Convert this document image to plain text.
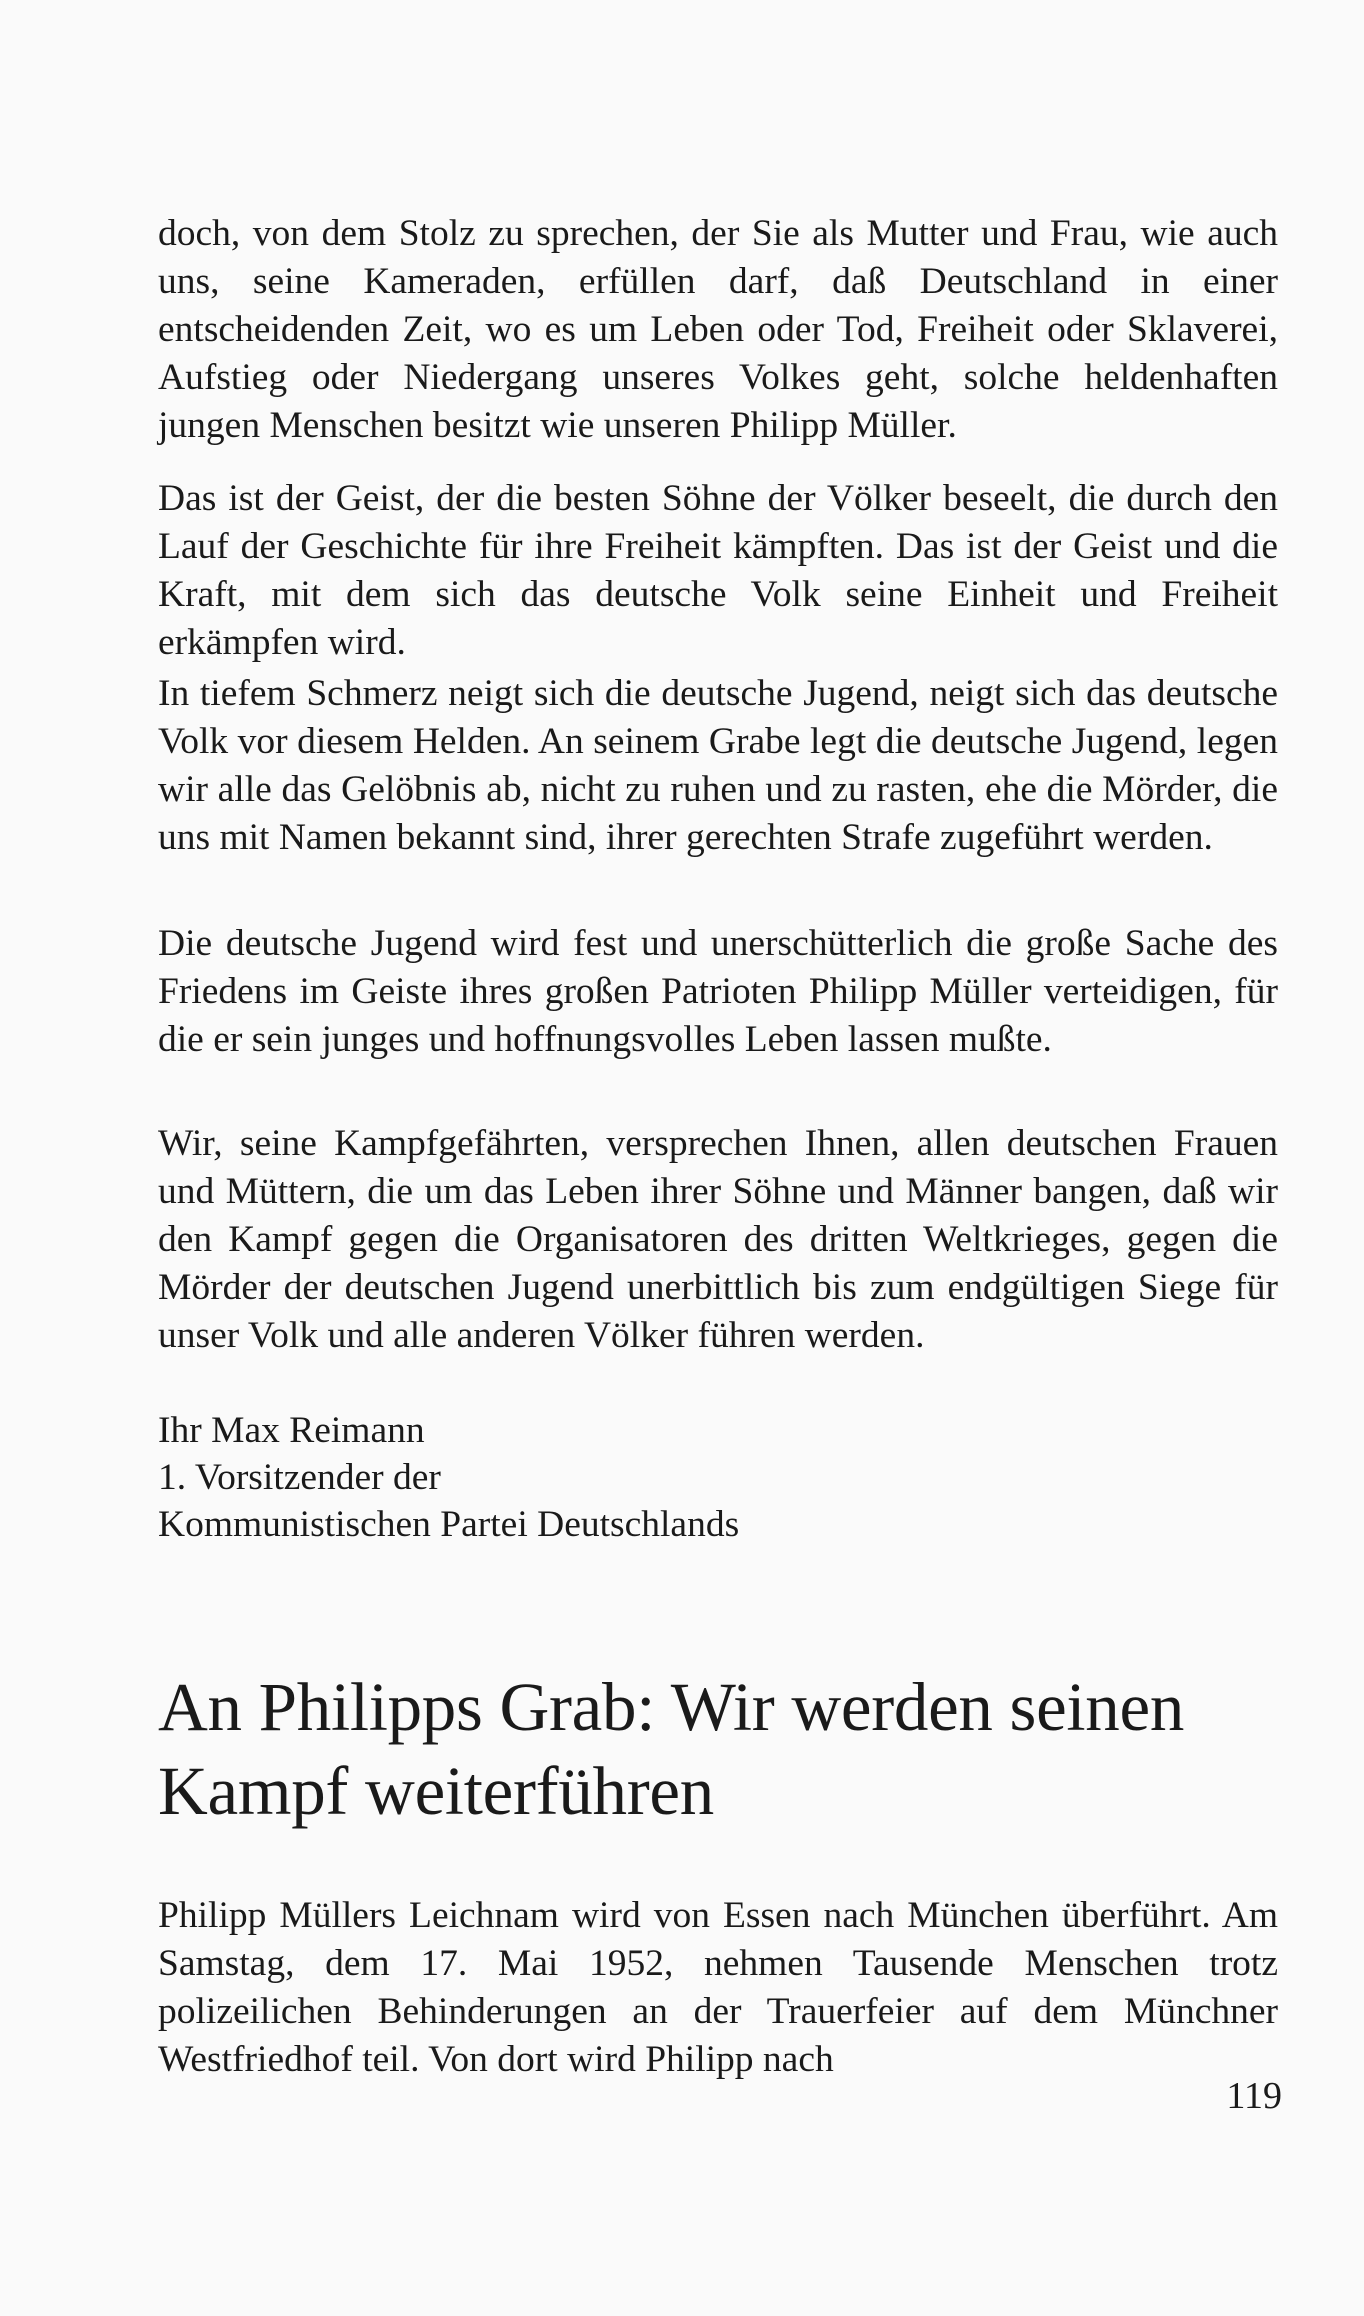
doch, von dem Stolz zu sprechen, der Sie als Mutter und Frau, wie auch uns, seine Kameraden, erfüllen darf, daß Deutschland in einer entscheidenden Zeit, wo es um Leben oder Tod, Freiheit oder Sklaverei, Aufstieg oder Niedergang unseres Volkes geht, solche heldenhaften jungen Menschen besitzt wie unseren Philipp Müller.

Das ist der Geist, der die besten Söhne der Völker beseelt, die durch den Lauf der Geschichte für ihre Freiheit kämpften. Das ist der Geist und die Kraft, mit dem sich das deutsche Volk seine Einheit und Freiheit erkämpfen wird.

In tiefem Schmerz neigt sich die deutsche Jugend, neigt sich das deutsche Volk vor diesem Helden. An seinem Grabe legt die deutsche Jugend, legen wir alle das Gelöbnis ab, nicht zu ruhen und zu rasten, ehe die Mörder, die uns mit Namen bekannt sind, ihrer gerechten Strafe zugeführt werden.

Die deutsche Jugend wird fest und unerschütterlich die große Sache des Friedens im Geiste ihres großen Patrioten Philipp Müller verteidigen, für die er sein junges und hoffnungsvolles Leben lassen mußte.

Wir, seine Kampfgefährten, versprechen Ihnen, allen deutschen Frauen und Müttern, die um das Leben ihrer Söhne und Männer bangen, daß wir den Kampf gegen die Organisatoren des dritten Weltkrieges, gegen die Mörder der deutschen Jugend unerbittlich bis zum endgültigen Siege für unser Volk und alle anderen Völker führen werden.

Ihr Max Reimann
1. Vorsitzender der
Kommunistischen Partei Deutschlands
An Philipps Grab: Wir werden seinen Kampf weiterführen

Philipp Müllers Leichnam wird von Essen nach München überführt. Am Samstag, dem 17. Mai 1952, nehmen Tausende Menschen trotz polizeilichen Behinderungen an der Trauerfeier auf dem Münchner Westfriedhof teil. Von dort wird Philipp nach

119
